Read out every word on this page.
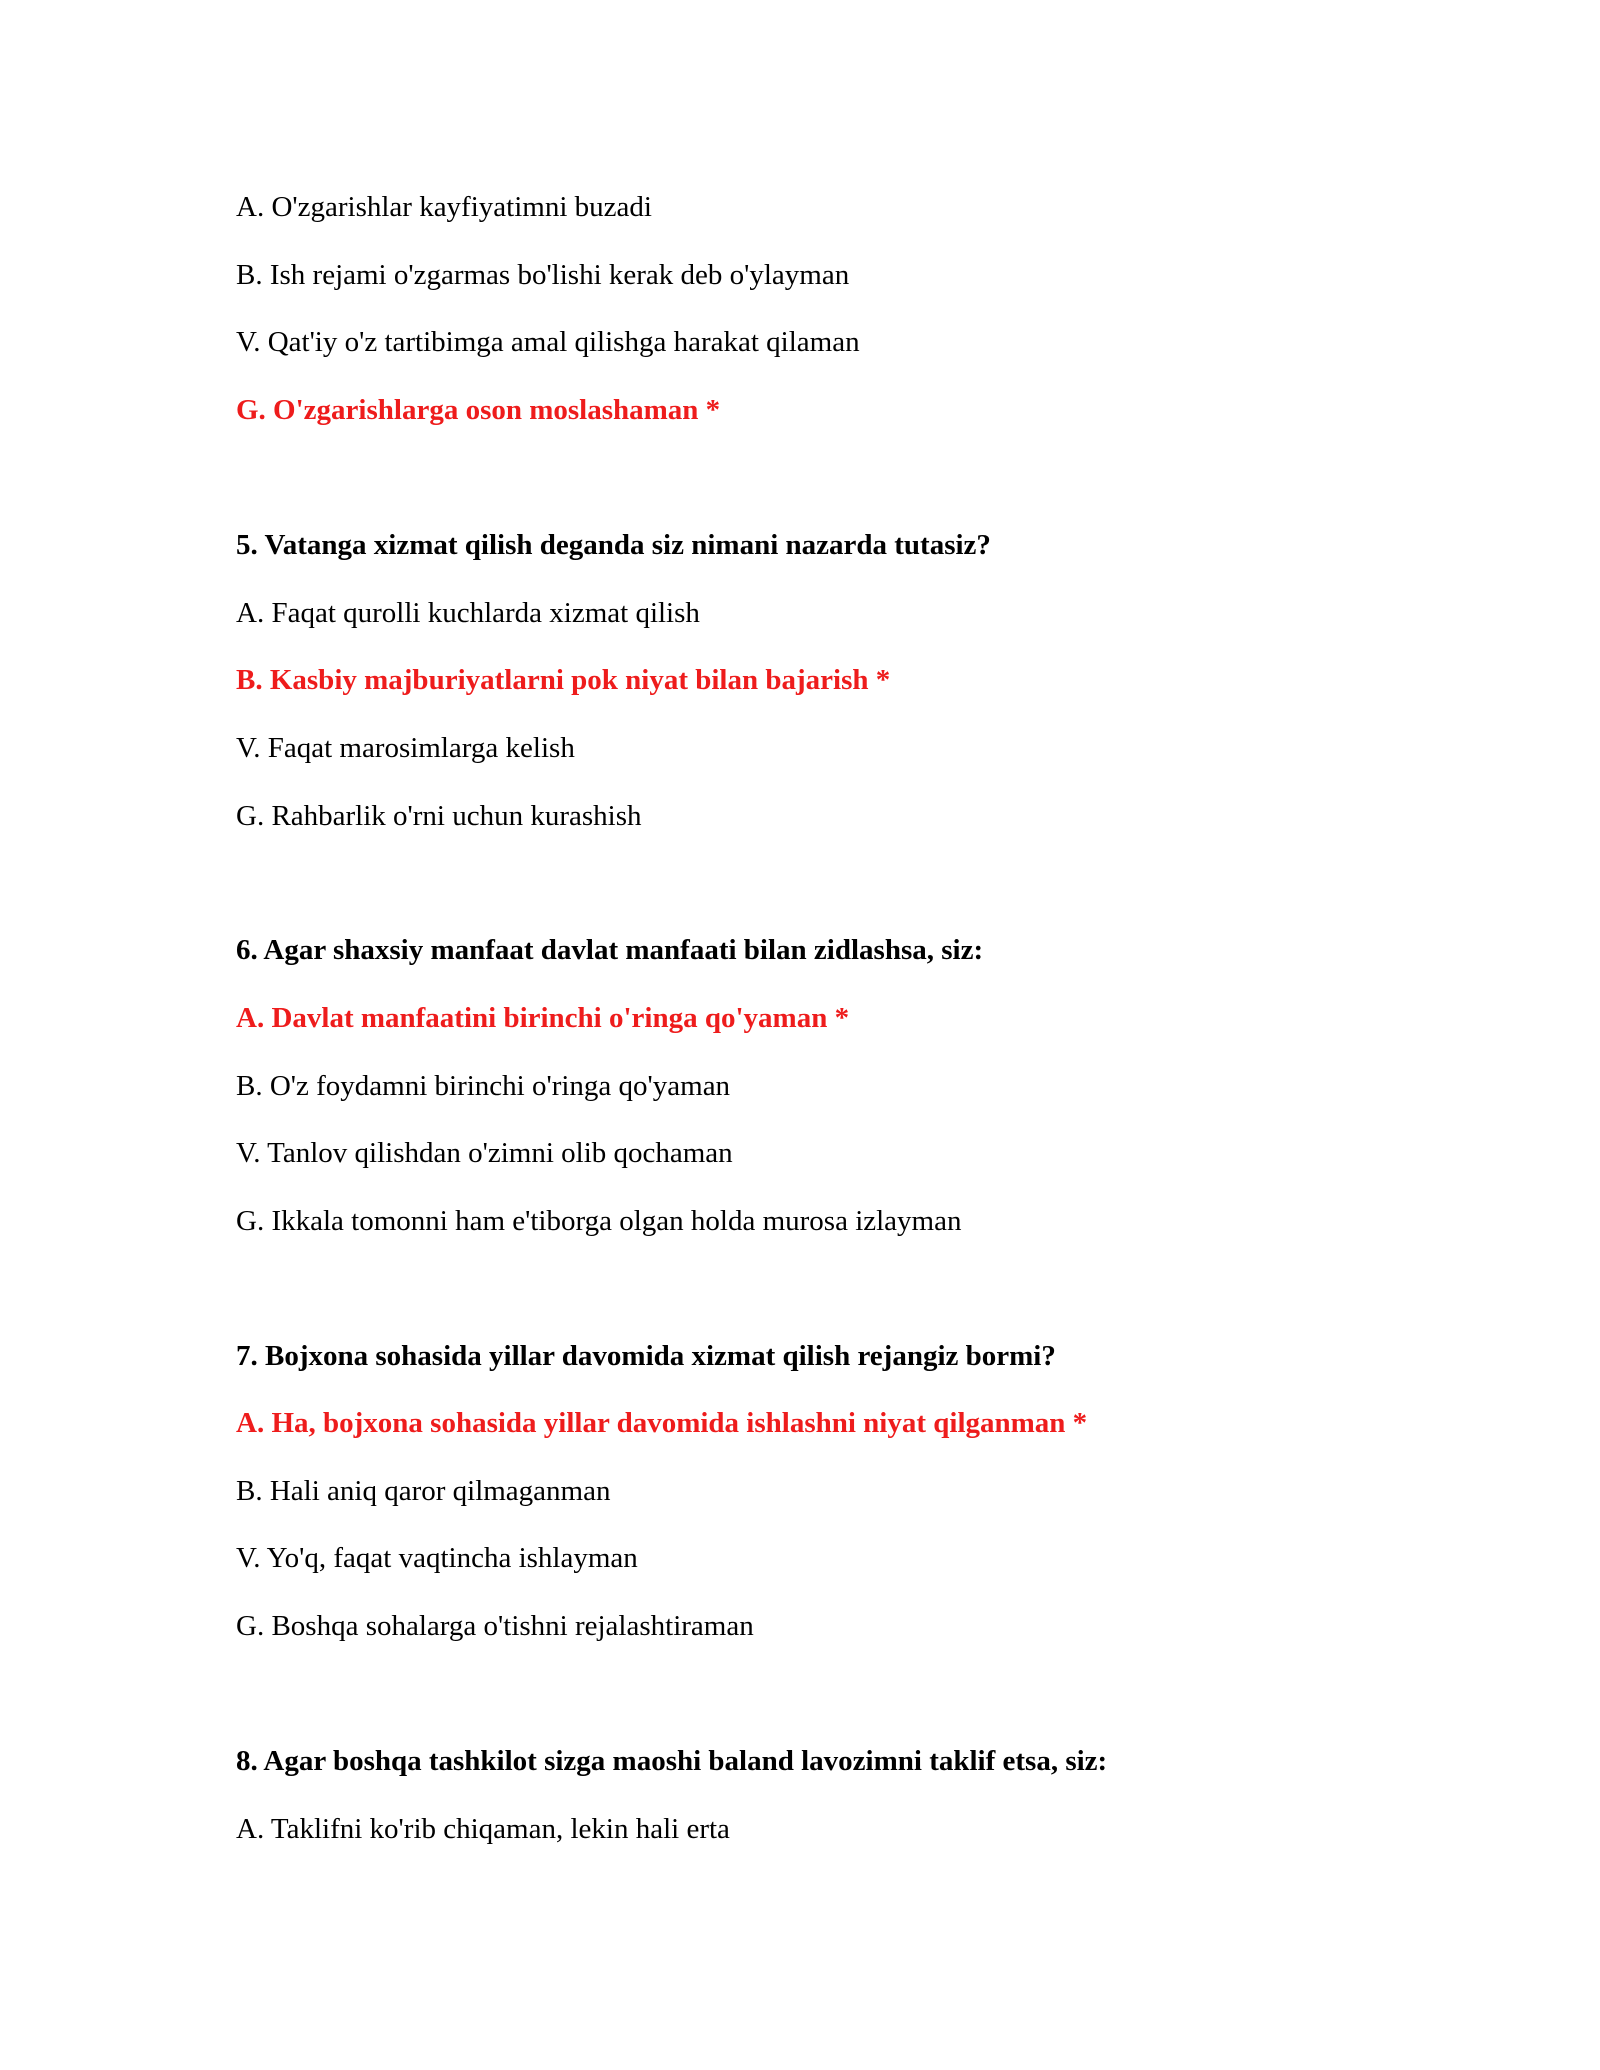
A. O'zgarishlar kayfiyatimni buzadi
B. Ish rejami o'zgarmas bo'lishi kerak deb o'ylayman
V. Qat'iy o'z tartibimga amal qilishga harakat qilaman
G. O'zgarishlarga oson moslashaman *
5. Vatanga xizmat qilish deganda siz nimani nazarda tutasiz?
A. Faqat qurolli kuchlarda xizmat qilish
B. Kasbiy majburiyatlarni pok niyat bilan bajarish *
V. Faqat marosimlarga kelish
G. Rahbarlik o'rni uchun kurashish
6. Agar shaxsiy manfaat davlat manfaati bilan zidlashsa, siz:
A. Davlat manfaatini birinchi o'ringa qo'yaman *
B. O'z foydamni birinchi o'ringa qo'yaman
V. Tanlov qilishdan o'zimni olib qochaman
G. Ikkala tomonni ham e'tiborga olgan holda murosa izlayman
7. Bojxona sohasida yillar davomida xizmat qilish rejangiz bormi?
A. Ha, bojxona sohasida yillar davomida ishlashni niyat qilganman *
B. Hali aniq qaror qilmaganman
V. Yo'q, faqat vaqtincha ishlayman
G. Boshqa sohalarga o'tishni rejalashtiraman
8. Agar boshqa tashkilot sizga maoshi baland lavozimni taklif etsa, siz:
A. Taklifni ko'rib chiqaman, lekin hali erta
